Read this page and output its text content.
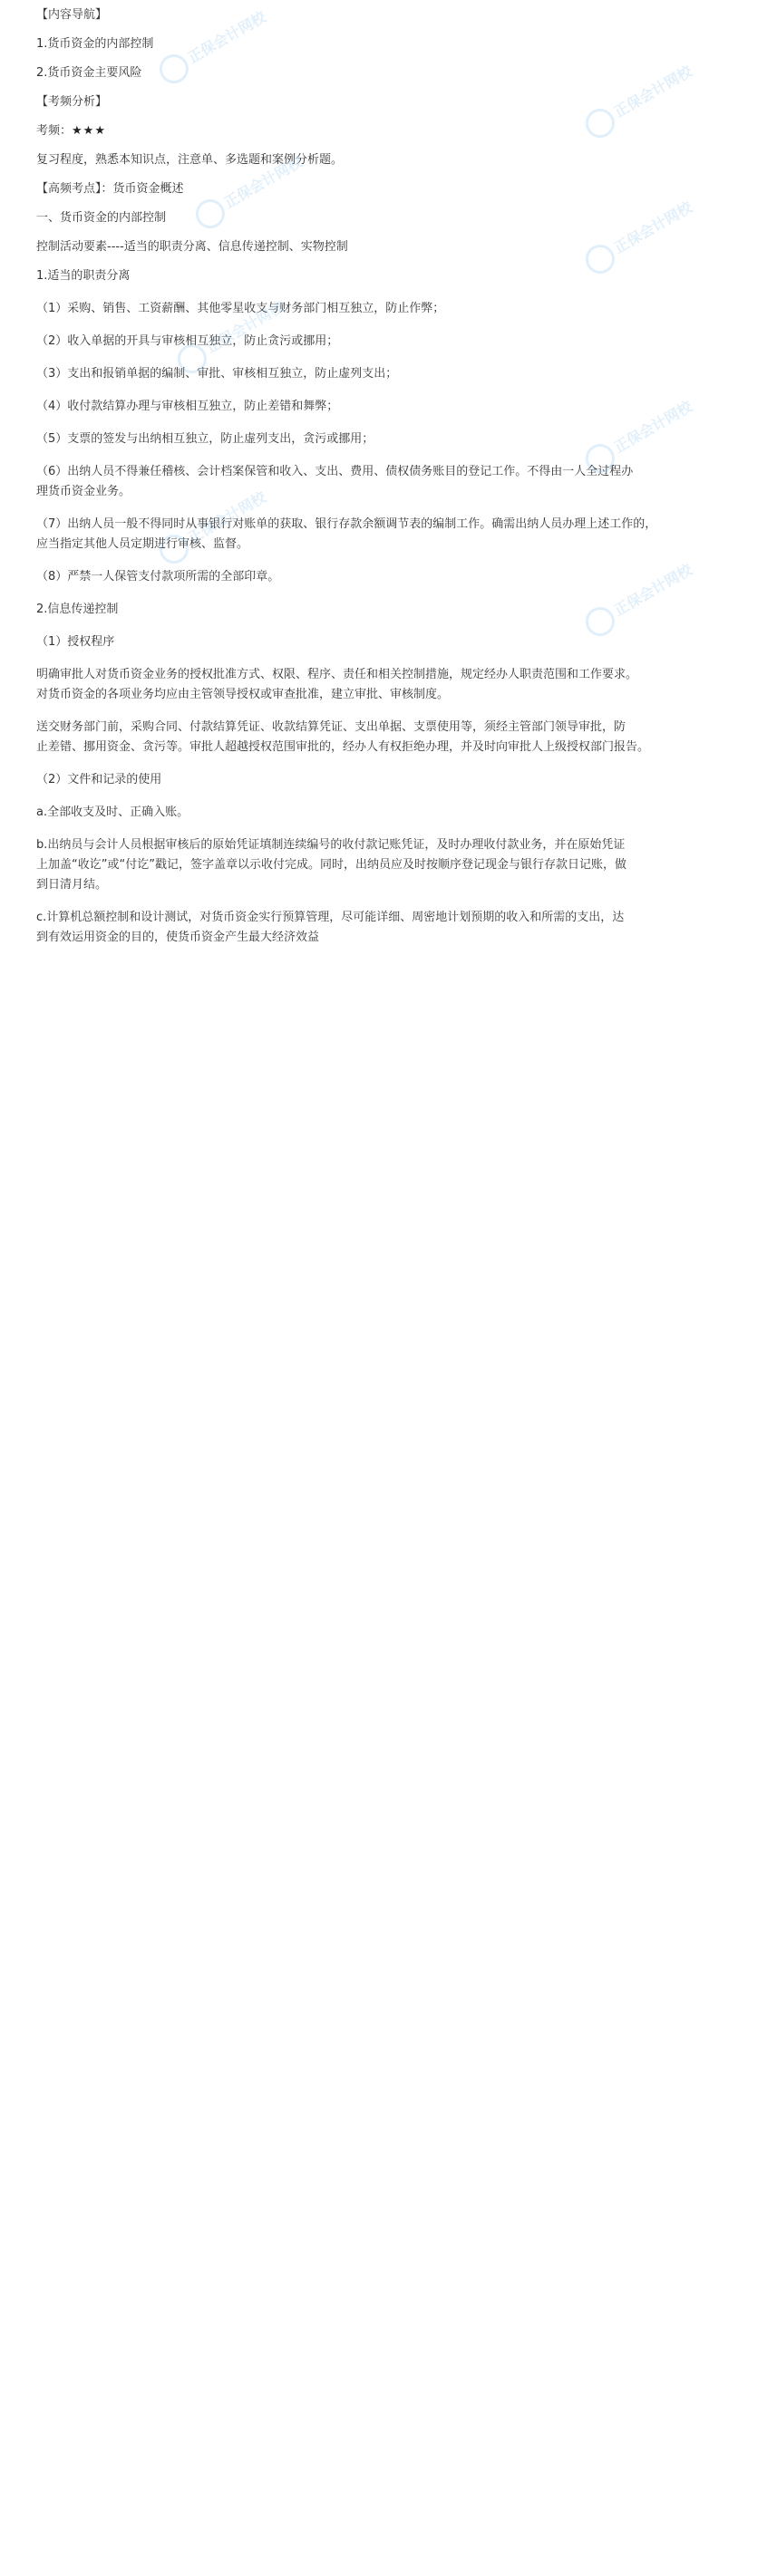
【内容导航】

1.货币资金的内部控制

2.货币资金主要风险

【考频分析】

考频：★★★

复习程度，熟悉本知识点，注意单、多选题和案例分析题。

【高频考点】：货币资金概述

一、货币资金的内部控制

控制活动要素----适当的职责分离、信息传递控制、实物控制

1.适当的职责分离

（1）采购、销售、工资薪酬、其他零星收支与财务部门相互独立，防止作弊；

（2）收入单据的开具与审核相互独立，防止贪污或挪用；

（3）支出和报销单据的编制、审批、审核相互独立，防止虚列支出；

（4）收付款结算办理与审核相互独立，防止差错和舞弊；

（5）支票的签发与出纳相互独立，防止虚列支出，贪污或挪用；

（6）出纳人员不得兼任稽核、会计档案保管和收入、支出、费用、债权债务账目的登记工作。不得由一人全过程办

理货币资金业务。

（7）出纳人员一般不得同时从事银行对账单的获取、银行存款余额调节表的编制工作。确需出纳人员办理上述工作的，

应当指定其他人员定期进行审核、监督。

（8）严禁一人保管支付款项所需的全部印章。

2.信息传递控制

（1）授权程序

明确审批人对货币资金业务的授权批准方式、权限、程序、责任和相关控制措施，规定经办人职责范围和工作要求。

对货币资金的各项业务均应由主管领导授权或审查批准，建立审批、审核制度。

送交财务部门前，采购合同、付款结算凭证、收款结算凭证、支出单据、支票使用等，须经主管部门领导审批，防

止差错、挪用资金、贪污等。审批人超越授权范围审批的，经办人有权拒绝办理，并及时向审批人上级授权部门报告。

（2）文件和记录的使用

a.全部收支及时、正确入账。

b.出纳员与会计人员根据审核后的原始凭证填制连续编号的收付款记账凭证，及时办理收付款业务，并在原始凭证

上加盖“收讫”或“付讫”戳记，签字盖章以示收付完成。同时，出纳员应及时按顺序登记现金与银行存款日记账，做

到日清月结。

c.计算机总额控制和设计测试，对货币资金实行预算管理，尽可能详细、周密地计划预期的收入和所需的支出，达

到有效运用资金的目的，使货币资金产生最大经济效益

正保会计网校
正保会计网校
正保会计网校
正保会计网校
正保会计网校
正保会计网校
正保会计网校
正保会计网校
